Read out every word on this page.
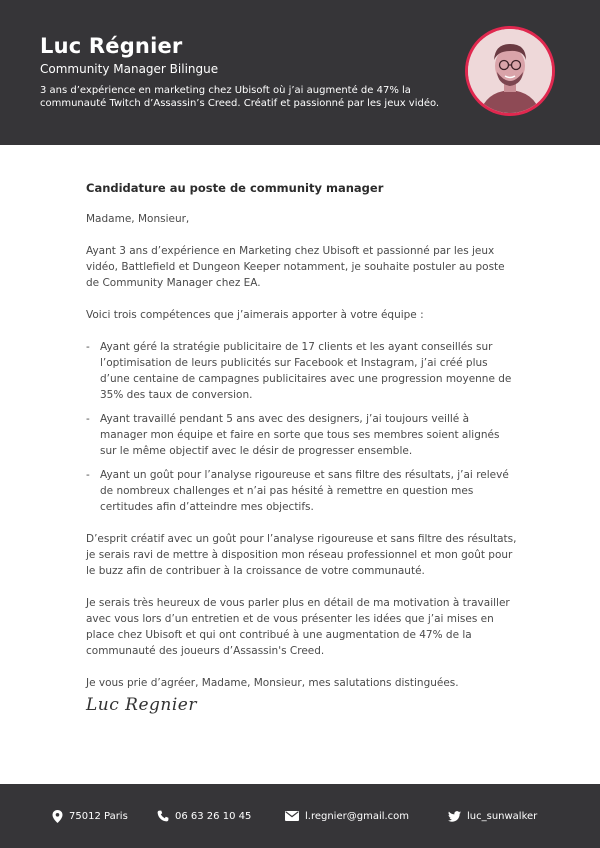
Luc Régnier
Community Manager Bilingue
3 ans d’expérience en marketing chez Ubisoft où j’ai augmenté de 47% la communauté Twitch d’Assassin’s Creed. Créatif et passionné par les jeux vidéo.
Candidature au poste de community manager

Madame, Monsieur,

Ayant 3 ans d’expérience en Marketing chez Ubisoft et passionné par les jeux vidéo, Battlefield et Dungeon Keeper notamment, je souhaite postuler au poste de Community Manager chez EA.

Voici trois compétences que j’aimerais apporter à votre équipe :

- Ayant géré la stratégie publicitaire de 17 clients et les ayant conseillés sur l’optimisation de leurs publicités sur Facebook et Instagram, j’ai créé plus d’une centaine de campagnes publicitaires avec une progression moyenne de 35% des taux de conversion.
- Ayant travaillé pendant 5 ans avec des designers, j’ai toujours veillé à manager mon équipe et faire en sorte que tous ses membres soient alignés sur le même objectif avec le désir de progresser ensemble.
- Ayant un goût pour l’analyse rigoureuse et sans filtre des résultats, j’ai relevé de nombreux challenges et n’ai pas hésité à remettre en question mes certitudes afin d’atteindre mes objectifs.

D’esprit créatif avec un goût pour l’analyse rigoureuse et sans filtre des résultats, je serais ravi de mettre à disposition mon réseau professionnel et mon goût pour le buzz afin de contribuer à la croissance de votre communauté.

Je serais très heureux de vous parler plus en détail de ma motivation à travailler avec vous lors d’un entretien et de vous présenter les idées que j’ai mises en place chez Ubisoft et qui ont contribué à une augmentation de 47% de la communauté des joueurs d’Assassin's Creed.

Je vous prie d’agréer, Madame, Monsieur, mes salutations distinguées.

Luc Regnier
75012 Paris	06 63 26 10 45	l.regnier@gmail.com	luc_sunwalker
